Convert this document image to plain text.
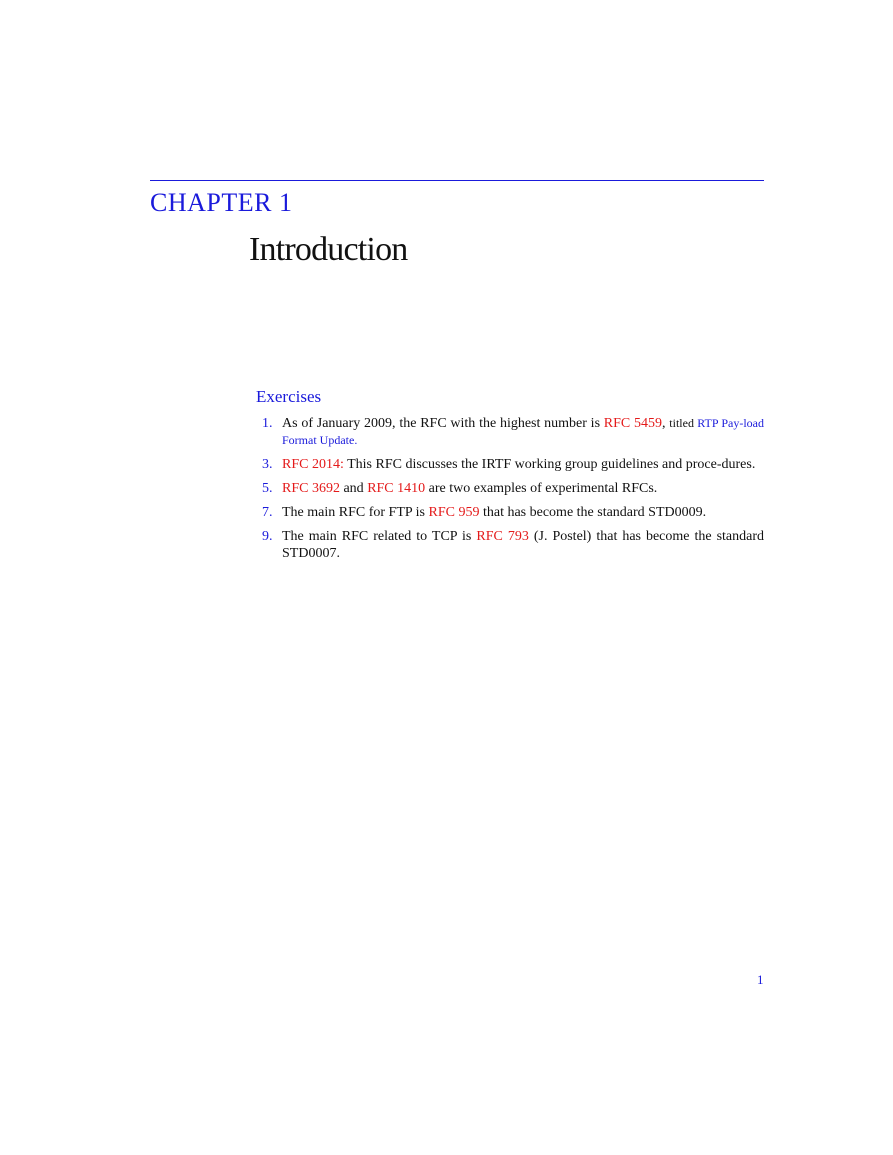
CHAPTER 1
Introduction
Exercises
1. As of January 2009, the RFC with the highest number is RFC 5459, titled RTP Pay-load Format Update.
3. RFC 2014: This RFC discusses the IRTF working group guidelines and proce-dures.
5. RFC 3692 and RFC 1410 are two examples of experimental RFCs.
7. The main RFC for FTP is RFC 959 that has become the standard STD0009.
9. The main RFC related to TCP is RFC 793 (J. Postel) that has become the standard STD0007.
1
